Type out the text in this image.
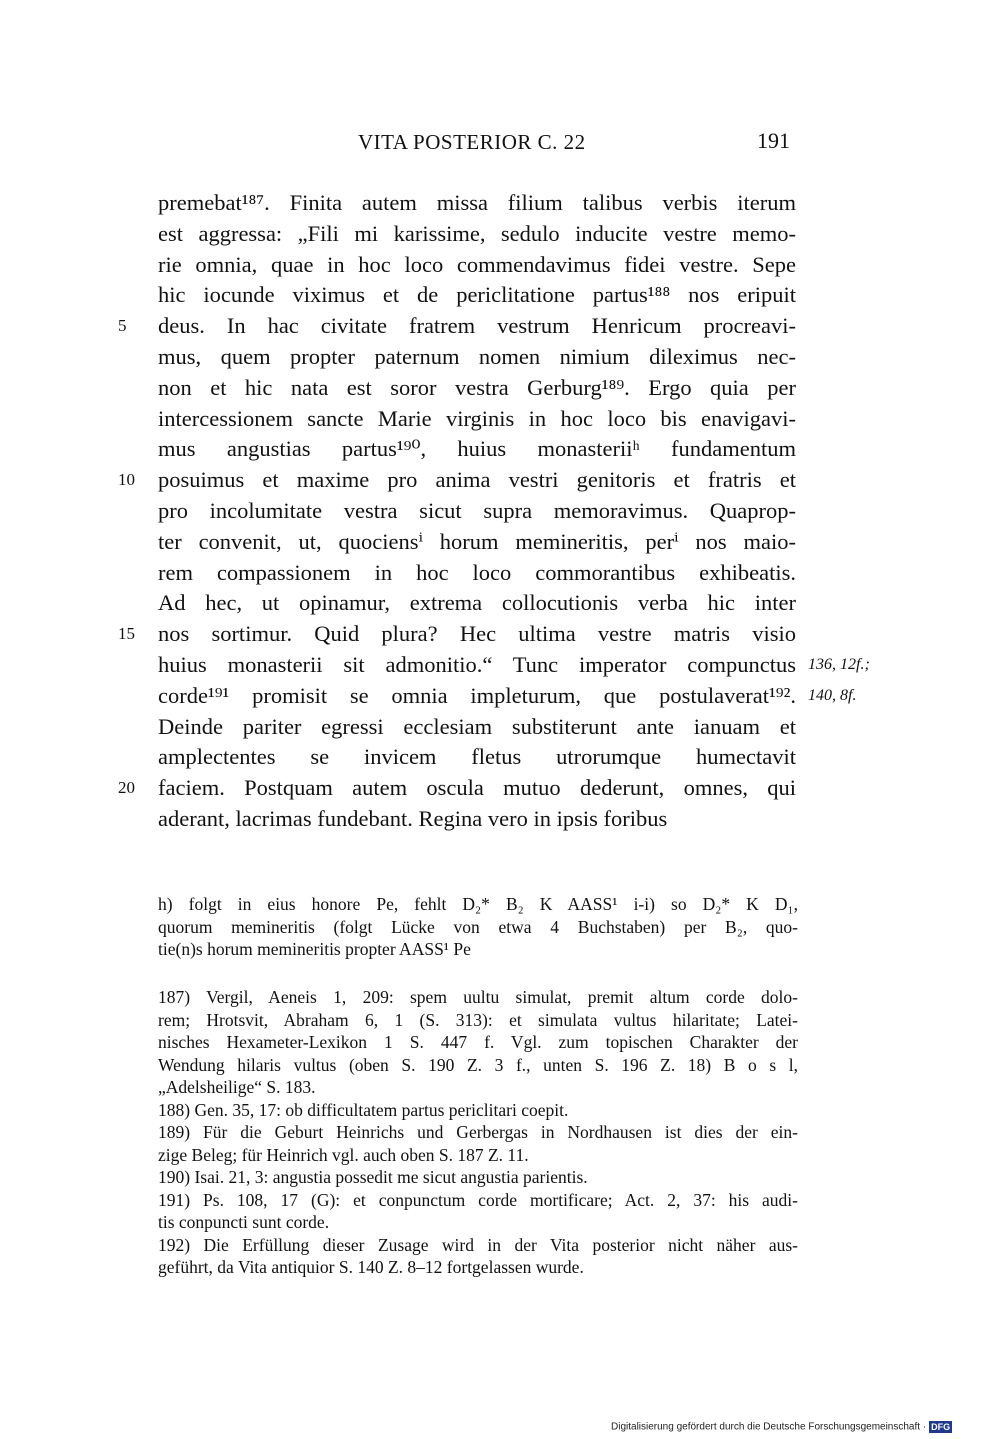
VITA POSTERIOR C. 22	191
premebat¹⁸⁷. Finita autem missa filium talibus verbis iterum
est aggressa: „Fili mi karissime, sedulo inducite vestre memo-
rie omnia, quae in hoc loco commendavimus fidei vestre. Sepe
hic iocunde viximus et de periclitatione partus¹⁸⁸ nos eripuit
5	deus. In hac civitate fratrem vestrum Henricum procreavi-
mus, quem propter paternum nomen nimium dileximus nec-
non et hic nata est soror vestra Gerburg¹⁸⁹. Ergo quia per
intercessionem sancte Marie virginis in hoc loco bis enavigavi-
mus angustias partus¹⁹⁰, huius monasteriiʰ fundamentum
10	posuimus et maxime pro anima vestri genitoris et fratris et
pro incolumitate vestra sicut supra memoravimus. Quaprop-
ter convenit, ut, quociensⁱ horum memineritis, perⁱ nos maio-
rem compassionem in hoc loco commorantibus exhibeatis.
Ad hec, ut opinamur, extrema collocutionis verba hic inter
15	nos sortimur. Quid plura? Hec ultima vestre matris visio
huius monasterii sit admonitio.“ Tunc imperator compunctus 136, 12f.;
corde¹⁹¹ promisit se omnia impleturum, que postulaverat¹⁹². 140, 8f.
Deinde pariter egressi ecclesiam substiterunt ante ianuam et
amplectentes se invicem fletus utrorumque humectavit
20	faciem. Postquam autem oscula mutuo dederunt, omnes, qui
aderant, lacrimas fundebant. Regina vero in ipsis foribus
h) folgt in eius honore Pe, fehlt D₂* B₂ K AASS¹ i-i) so D₂* K D₁,
quorum memineritis (folgt Lücke von etwa 4 Buchstaben) per B₂, quo-
tie(n)s horum memineritis propter AASS¹ Pe
187) Vergil, Aeneis 1, 209: spem uultu simulat, premit altum corde dolo-
rem; Hrotsvit, Abraham 6, 1 (S. 313): et simulata vultus hilaritate; Latei-
nisches Hexameter-Lexikon 1 S. 447 f. Vgl. zum topischen Charakter der
Wendung hilaris vultus (oben S. 190 Z. 3 f., unten S. 196 Z. 18) B o s l,
„Adelsheilige“ S. 183.
188) Gen. 35, 17: ob difficultatem partus periclitari coepit.
189) Für die Geburt Heinrichs und Gerbergas in Nordhausen ist dies der ein-
zige Beleg; für Heinrich vgl. auch oben S. 187 Z. 11.
190) Isai. 21, 3: angustia possedit me sicut angustia parientis.
191) Ps. 108, 17 (G): et conpunctum corde mortificare; Act. 2, 37: his audi-
tis conpuncti sunt corde.
192) Die Erfüllung dieser Zusage wird in der Vita posterior nicht näher aus-
geführt, da Vita antiquior S. 140 Z. 8–12 fortgelassen wurde.
Digitalisierung gefördert durch die Deutsche Forschungsgemeinschaft · DFG
